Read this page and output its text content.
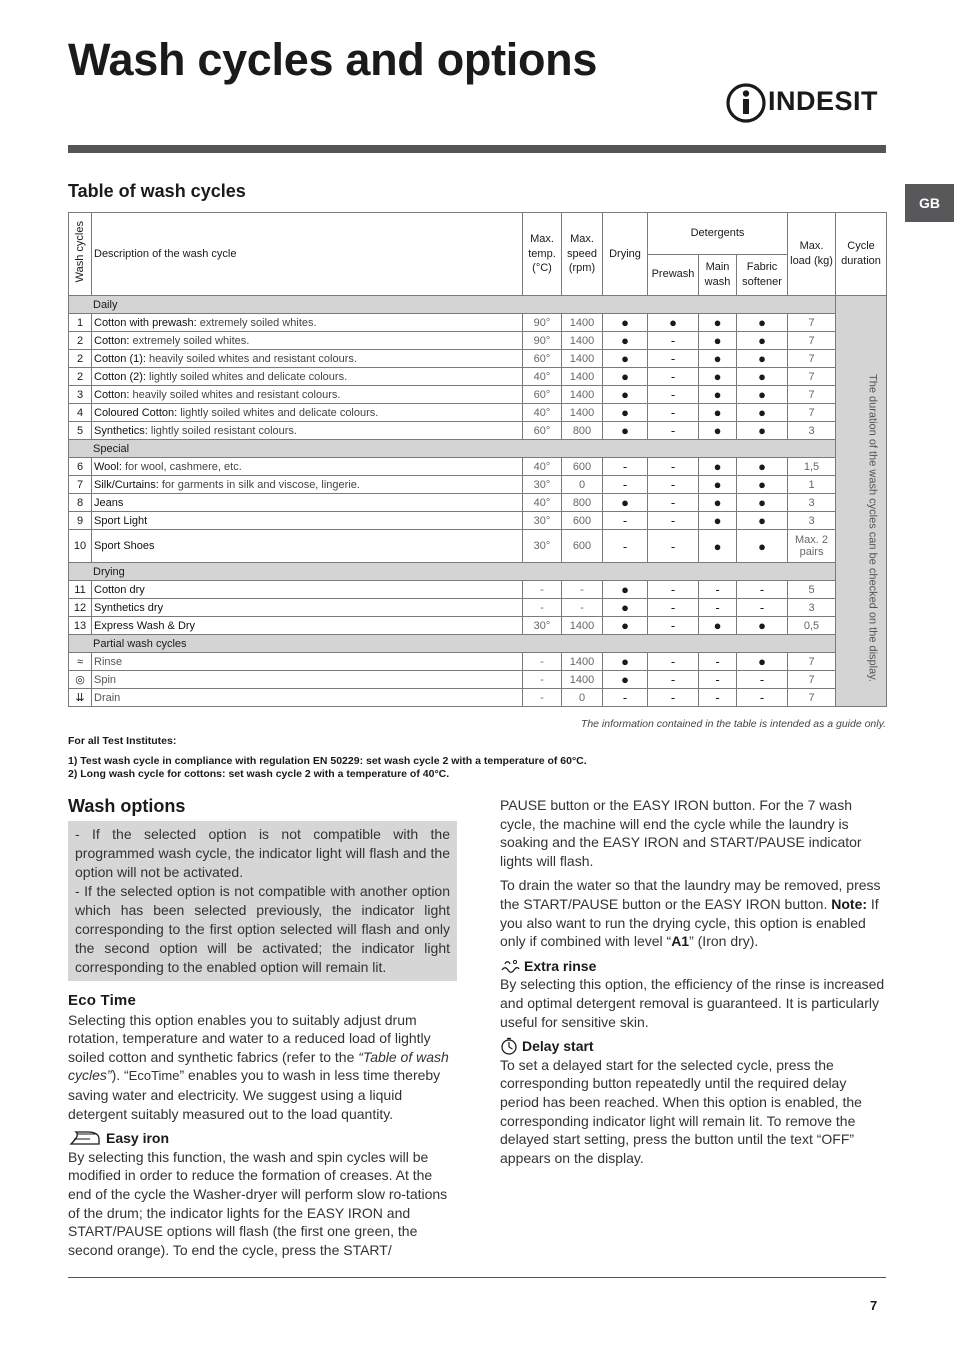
Wash cycles and options
INDESIT
GB
Table of wash cycles
Wash cycles	Description of the wash cycle	Max. temp. (°C)	Max. speed (rpm)	Drying	Detergents			Max. load (kg)	Cycle duration
					Prewash	Main wash	Fabric softener		
Daily									The duration of the wash cycles can be checked on the display.

1	Cotton with prewash: extremely soiled whites.	90°	1400	●	●	●	●	7	
2	Cotton: extremely soiled whites.	90°	1400	●	-	●	●	7	
2	Cotton (1): heavily soiled whites and resistant colours.	60°	1400	●	-	●	●	7	
2	Cotton (2): lightly soiled whites and delicate colours.	40°	1400	●	-	●	●	7	
3	Cotton: heavily soiled whites and resistant colours.	60°	1400	●	-	●	●	7	
4	Coloured Cotton: lightly soiled whites and delicate colours.	40°	1400	●	-	●	●	7	
5	Synthetics: lightly soiled resistant colours.	60°	800	●	-	●	●	3	
Special									
6	Wool: for wool, cashmere, etc.	40°	600	-	-	●	●	1,5	
7	Silk/Curtains: for garments in silk and viscose, lingerie.	30°	0	-	-	●	●	1	
8	Jeans	40°	800	●	-	●	●	3	
9	Sport Light	30°	600	-	-	●	●	3	
10	Sport Shoes	30°	600	-	-	●	●	Max. 2 pairs	
Drying									
11	Cotton dry	-	-	●	-	-	-	5	
12	Synthetics dry	-	-	●	-	-	-	3	
13	Express Wash & Dry	30°	1400	●	-	●	●	0,5	
Partial wash cycles									
≈	Rinse	-	1400	●	-	-	●	7	
◎	Spin	-	1400	●	-	-	-	7	
⇊	Drain	-	0	-	-	-	-	7	
The information contained in the table is intended as a guide only.
For all Test Institutes:
1) Test wash cycle in compliance with regulation EN 50229: set wash cycle 2 with a temperature of 60°C.
2) Long wash cycle for cottons: set wash cycle 2 with a temperature of 40°C.
Wash options
- If the selected option is not compatible with the programmed wash cycle, the indicator light will flash and the option will not be activated.
- If the selected option is not compatible with another option which has been selected previously, the indicator light corresponding to the first option selected will flash and only the second option will be activated; the indicator light corresponding to the enabled option will remain lit.
Eco Time

Selecting this option enables you to suitably adjust drum rotation, temperature and water to a reduced load of lightly soiled cotton and synthetic fabrics (refer to the “Table of wash cycles”). “EcoTime” enables you to wash in less time thereby saving water and electricity. We suggest using a liquid detergent suitably measured out to the load quantity.

Easy iron

By selecting this function, the wash and spin cycles will be modified in order to reduce the formation of creases. At the end of the cycle the Washer-dryer will perform slow ro-tations of the drum; the indicator lights for the EASY IRON and START/PAUSE options will flash (the first one green, the second orange). To end the cycle, press the START/

PAUSE button or the EASY IRON button. For the 7 wash cycle, the machine will end the cycle while the laundry is soaking and the EASY IRON and START/PAUSE indicator lights will flash.

To drain the water so that the laundry may be removed, press the START/PAUSE button or the EASY IRON button. Note: If you also want to run the drying cycle, this option is enabled only if combined with level “A1” (Iron dry).

Extra rinse

By selecting this option, the efficiency of the rinse is increased and optimal detergent removal is guaranteed. It is particularly useful for sensitive skin.

Delay start

To set a delayed start for the selected cycle, press the corresponding button repeatedly until the required delay period has been reached. When this option is enabled, the corresponding indicator light will remain lit. To remove the delayed start setting, press the button until the text “OFF” appears on the display.

7
